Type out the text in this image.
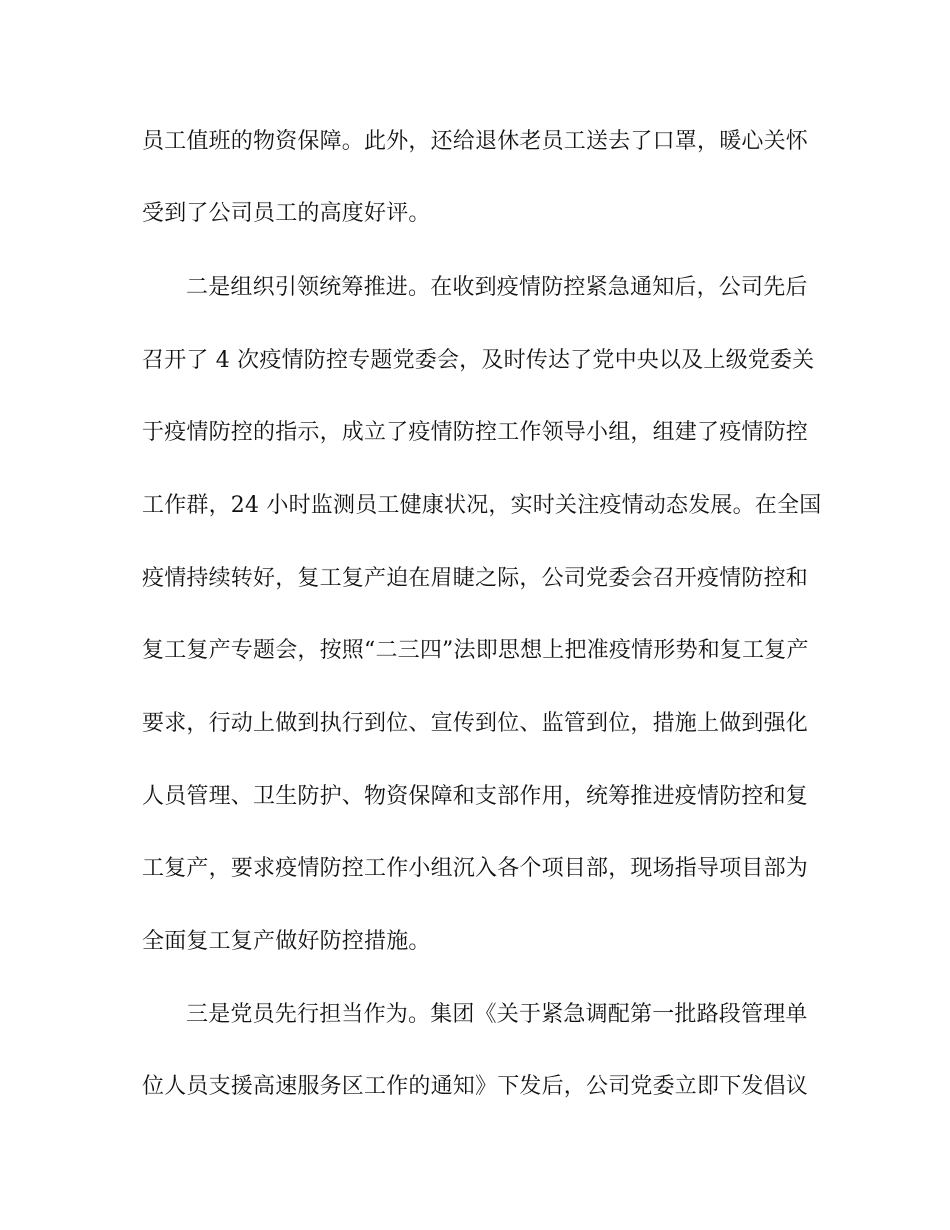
员工值班的物资保障。此外，还给退休老员工送去了口罩，暖心关怀
受到了公司员工的高度好评。
二是组织引领统筹推进。在收到疫情防控紧急通知后，公司先后
召开了 4 次疫情防控专题党委会，及时传达了党中央以及上级党委关
于疫情防控的指示，成立了疫情防控工作领导小组，组建了疫情防控
工作群，24 小时监测员工健康状况，实时关注疫情动态发展。在全国
疫情持续转好，复工复产迫在眉睫之际，公司党委会召开疫情防控和
复工复产专题会，按照“二三四”法即思想上把准疫情形势和复工复产
要求，行动上做到执行到位、宣传到位、监管到位，措施上做到强化
人员管理、卫生防护、物资保障和支部作用，统筹推进疫情防控和复
工复产，要求疫情防控工作小组沉入各个项目部，现场指导项目部为
全面复工复产做好防控措施。
三是党员先行担当作为。集团《关于紧急调配第一批路段管理单
位人员支援高速服务区工作的通知》下发后，公司党委立即下发倡议
